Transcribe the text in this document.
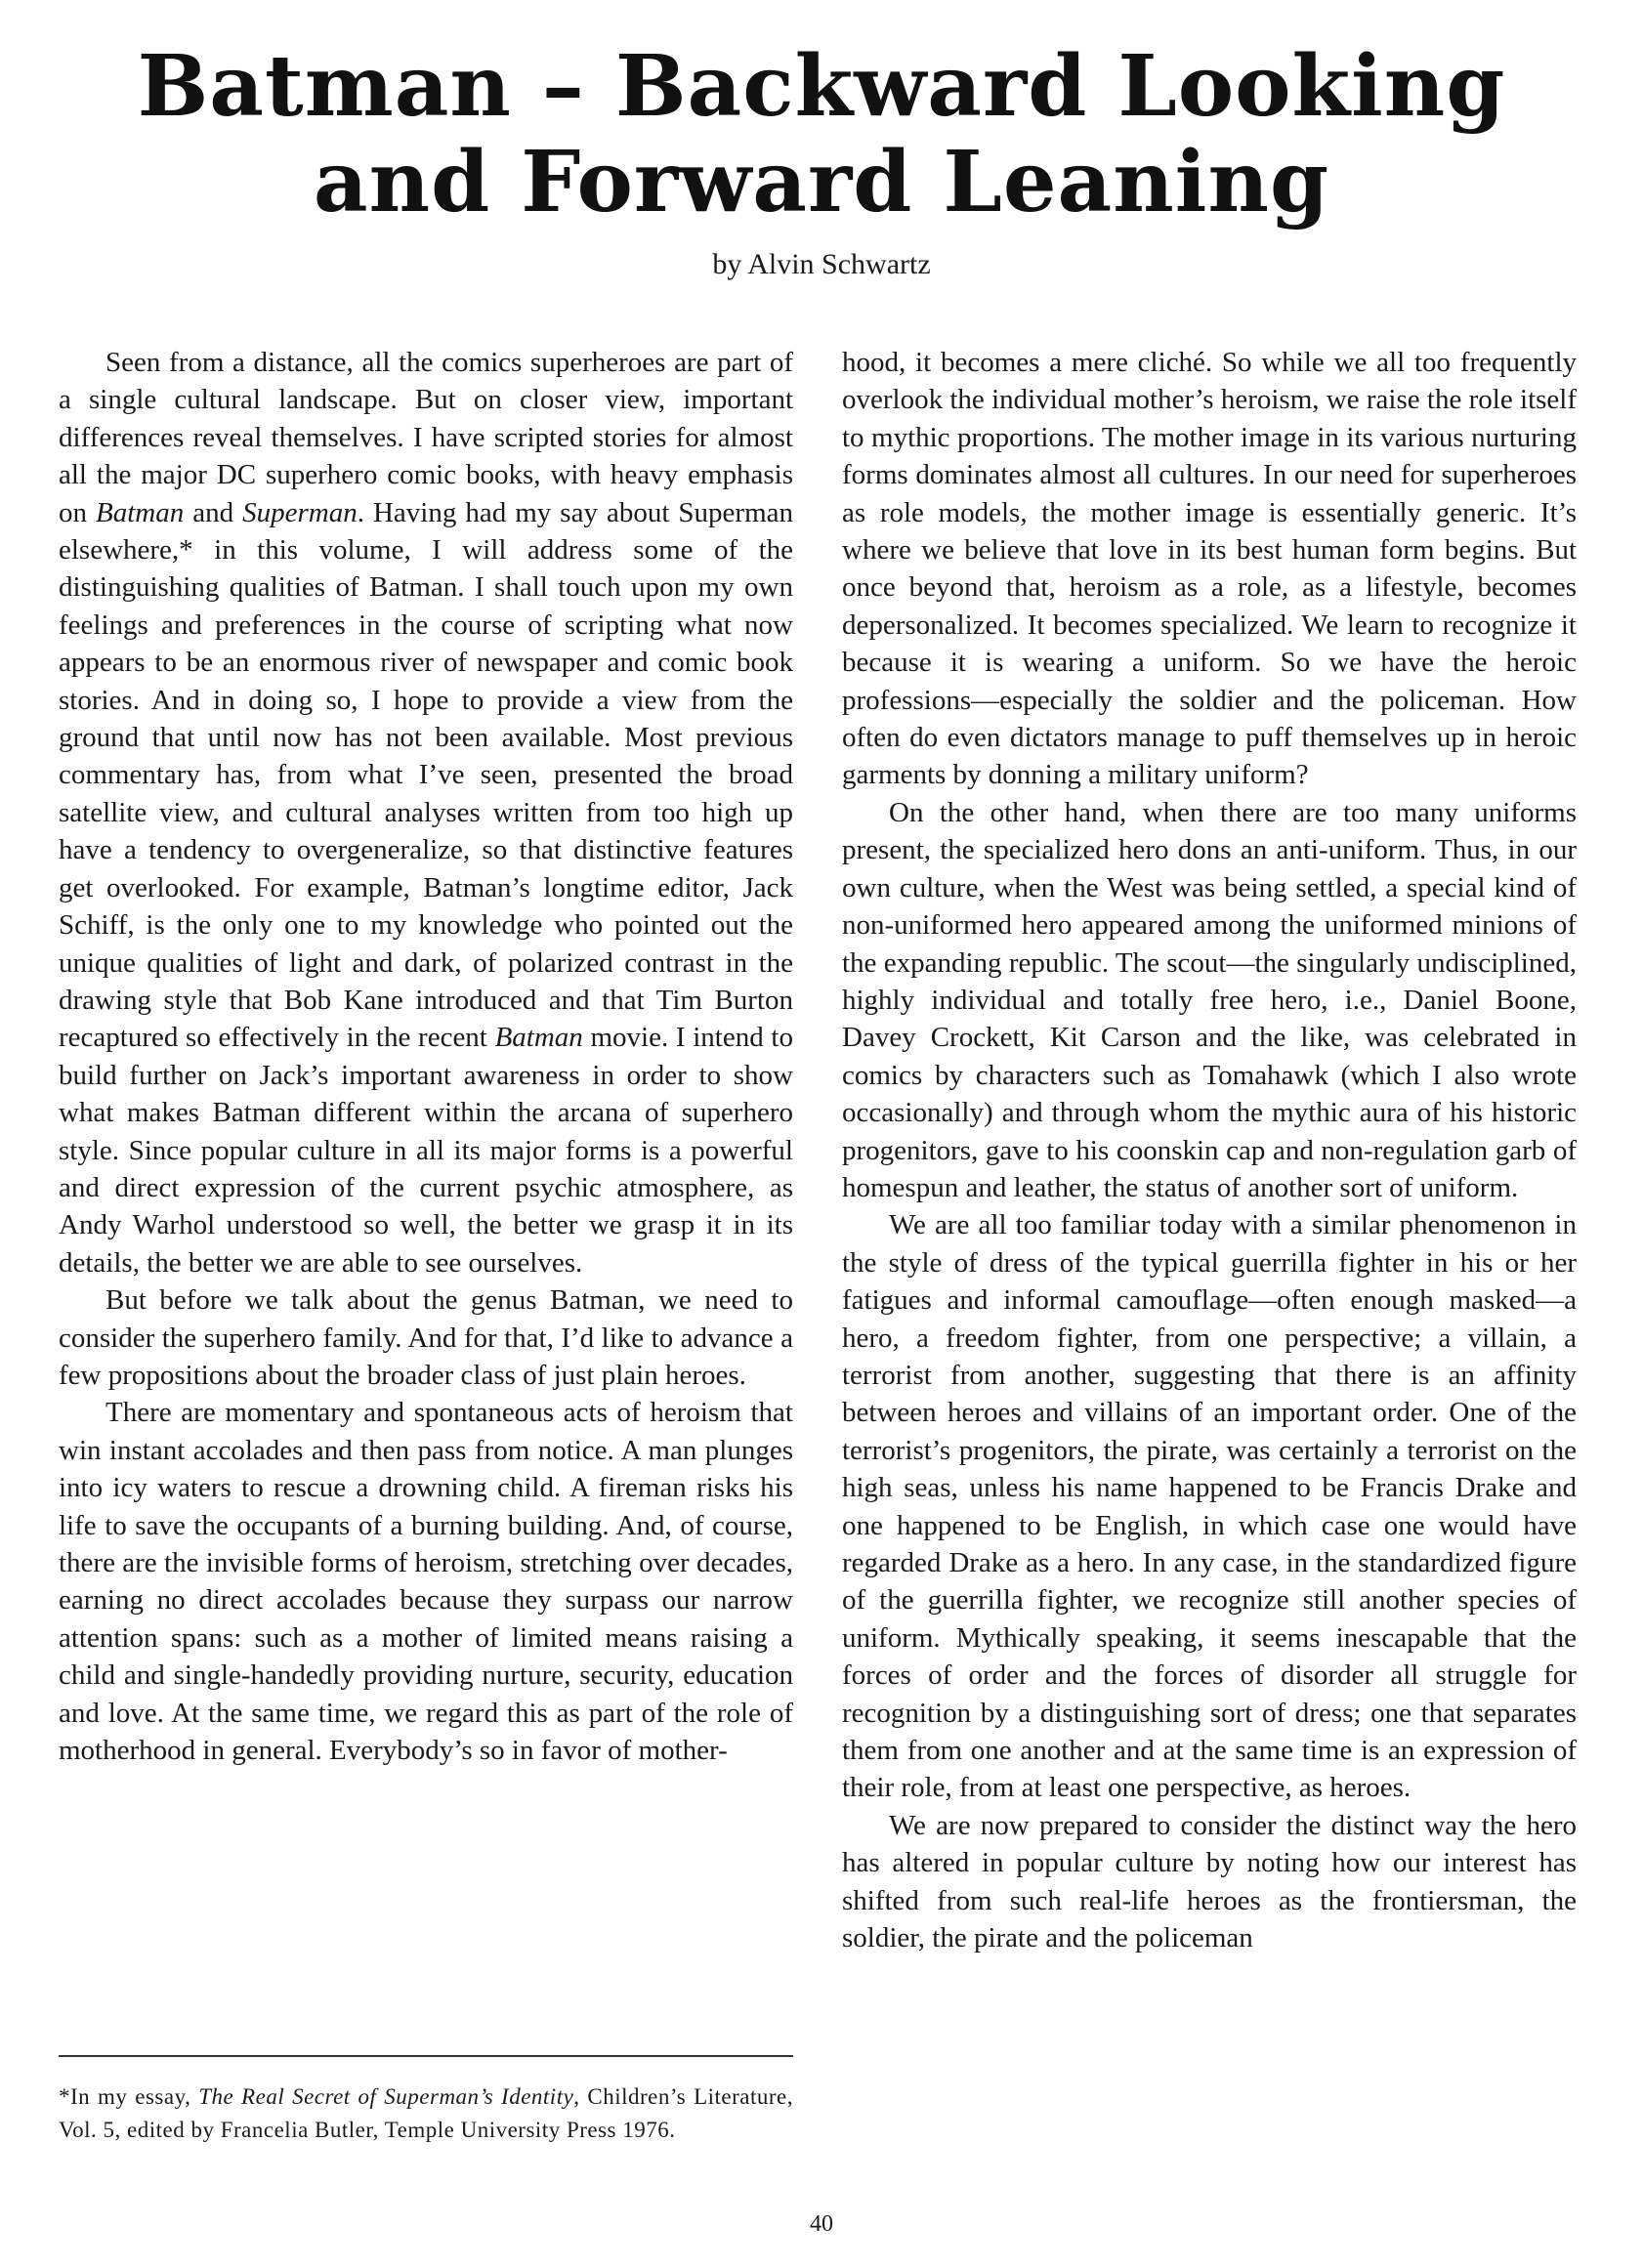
Batman – Backward Looking
and Forward Leaning

by Alvin Schwartz

Seen from a distance, all the comics superheroes are part of a single cultural landscape. But on closer view, important differences reveal themselves. I have scripted stories for almost all the major DC superhero comic books, with heavy emphasis on Batman and Superman. Having had my say about Superman elsewhere,* in this volume, I will address some of the distinguishing qualities of Batman. I shall touch upon my own feelings and preferences in the course of scripting what now appears to be an enormous river of newspaper and comic book stories. And in doing so, I hope to provide a view from the ground that until now has not been available. Most previous commentary has, from what I’ve seen, presented the broad satellite view, and cultural analyses written from too high up have a tendency to overgeneralize, so that distinctive features get overlooked. For example, Batman’s longtime editor, Jack Schiff, is the only one to my knowledge who pointed out the unique qualities of light and dark, of polarized contrast in the drawing style that Bob Kane introduced and that Tim Burton recaptured so effectively in the recent Batman movie. I intend to build further on Jack’s important awareness in order to show what makes Batman different within the arcana of superhero style. Since popular culture in all its major forms is a powerful and direct expression of the current psychic atmosphere, as Andy Warhol understood so well, the better we grasp it in its details, the better we are able to see ourselves.

But before we talk about the genus Batman, we need to consider the superhero family. And for that, I’d like to advance a few propositions about the broader class of just plain heroes.

There are momentary and spontaneous acts of heroism that win instant accolades and then pass from notice. A man plunges into icy waters to rescue a drowning child. A fireman risks his life to save the occupants of a burning building. And, of course, there are the invisible forms of heroism, stretching over decades, earning no direct accolades because they surpass our narrow attention spans: such as a mother of limited means raising a child and single-handedly providing nurture, security, education and love. At the same time, we regard this as part of the role of motherhood in general. Everybody’s so in favor of mother-

hood, it becomes a mere cliché. So while we all too frequently overlook the individual mother’s heroism, we raise the role itself to mythic proportions. The mother image in its various nurturing forms dominates almost all cultures. In our need for superheroes as role models, the mother image is essentially generic. It’s where we believe that love in its best human form begins. But once beyond that, heroism as a role, as a lifestyle, becomes depersonalized. It becomes specialized. We learn to recognize it because it is wearing a uniform. So we have the heroic professions—especially the soldier and the policeman. How often do even dictators manage to puff themselves up in heroic garments by donning a military uniform?

On the other hand, when there are too many uniforms present, the specialized hero dons an anti-uniform. Thus, in our own culture, when the West was being settled, a special kind of non-uniformed hero appeared among the uniformed minions of the expanding republic. The scout—the singularly undisciplined, highly individual and totally free hero, i.e., Daniel Boone, Davey Crockett, Kit Carson and the like, was celebrated in comics by characters such as Tomahawk (which I also wrote occasionally) and through whom the mythic aura of his historic progenitors, gave to his coonskin cap and non-regulation garb of homespun and leather, the status of another sort of uniform.

We are all too familiar today with a similar phenomenon in the style of dress of the typical guerrilla fighter in his or her fatigues and informal camouflage—often enough masked—a hero, a freedom fighter, from one perspective; a villain, a terrorist from another, suggesting that there is an affinity between heroes and villains of an important order. One of the terrorist’s progenitors, the pirate, was certainly a terrorist on the high seas, unless his name happened to be Francis Drake and one happened to be English, in which case one would have regarded Drake as a hero. In any case, in the standardized figure of the guerrilla fighter, we recognize still another species of uniform. Mythically speaking, it seems inescapable that the forces of order and the forces of disorder all struggle for recognition by a distinguishing sort of dress; one that separates them from one another and at the same time is an expression of their role, from at least one perspective, as heroes.

We are now prepared to consider the distinct way the hero has altered in popular culture by noting how our interest has shifted from such real-life heroes as the frontiersman, the soldier, the pirate and the policeman

*In my essay, The Real Secret of Superman’s Identity, Children’s Literature, Vol. 5, edited by Francelia Butler, Temple University Press 1976.

40
